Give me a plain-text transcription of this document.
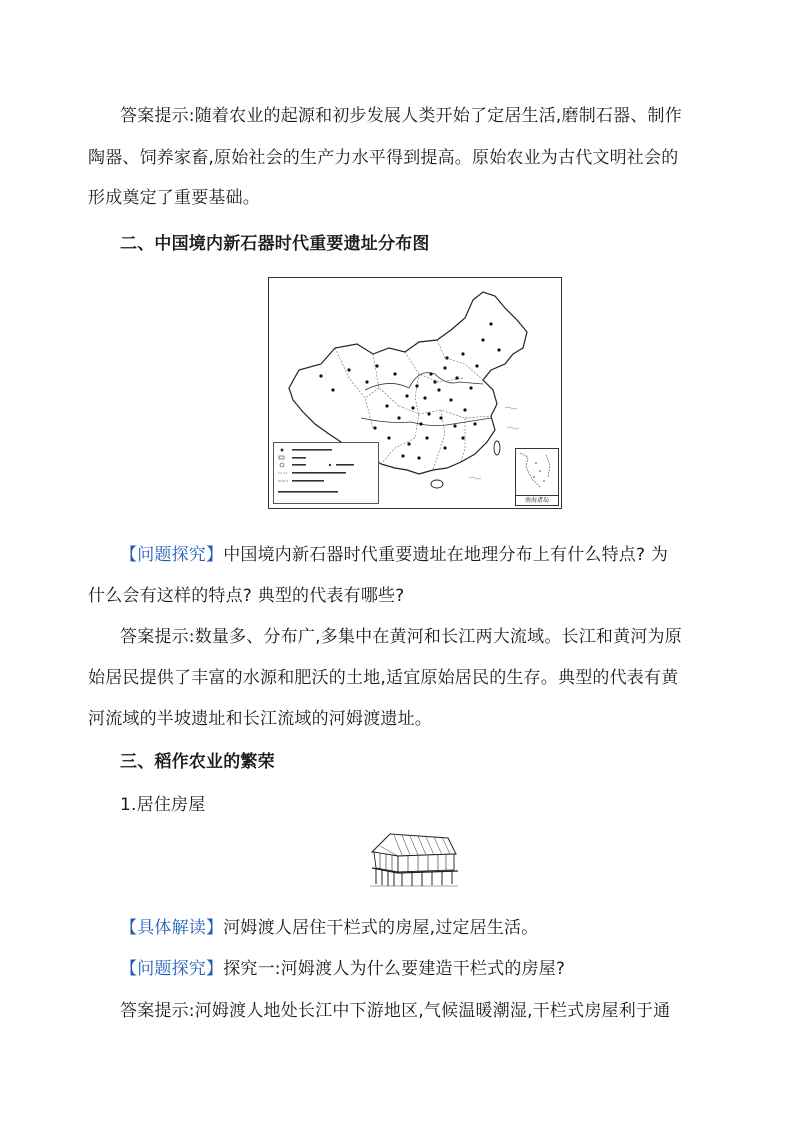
答案提示:随着农业的起源和初步发展人类开始了定居生活,磨制石器、制作
陶器、饲养家畜,原始社会的生产力水平得到提高。原始农业为古代文明社会的
形成奠定了重要基础。
二、中国境内新石器时代重要遗址分布图
南海诸岛
【问题探究】中国境内新石器时代重要遗址在地理分布上有什么特点? 为
什么会有这样的特点? 典型的代表有哪些?
答案提示:数量多、分布广,多集中在黄河和长江两大流域。长江和黄河为原
始居民提供了丰富的水源和肥沃的土地,适宜原始居民的生存。典型的代表有黄
河流域的半坡遗址和长江流域的河姆渡遗址。
三、稻作农业的繁荣
1.居住房屋
【具体解读】河姆渡人居住干栏式的房屋,过定居生活。
【问题探究】探究一:河姆渡人为什么要建造干栏式的房屋?
答案提示:河姆渡人地处长江中下游地区,气候温暖潮湿,干栏式房屋利于通
